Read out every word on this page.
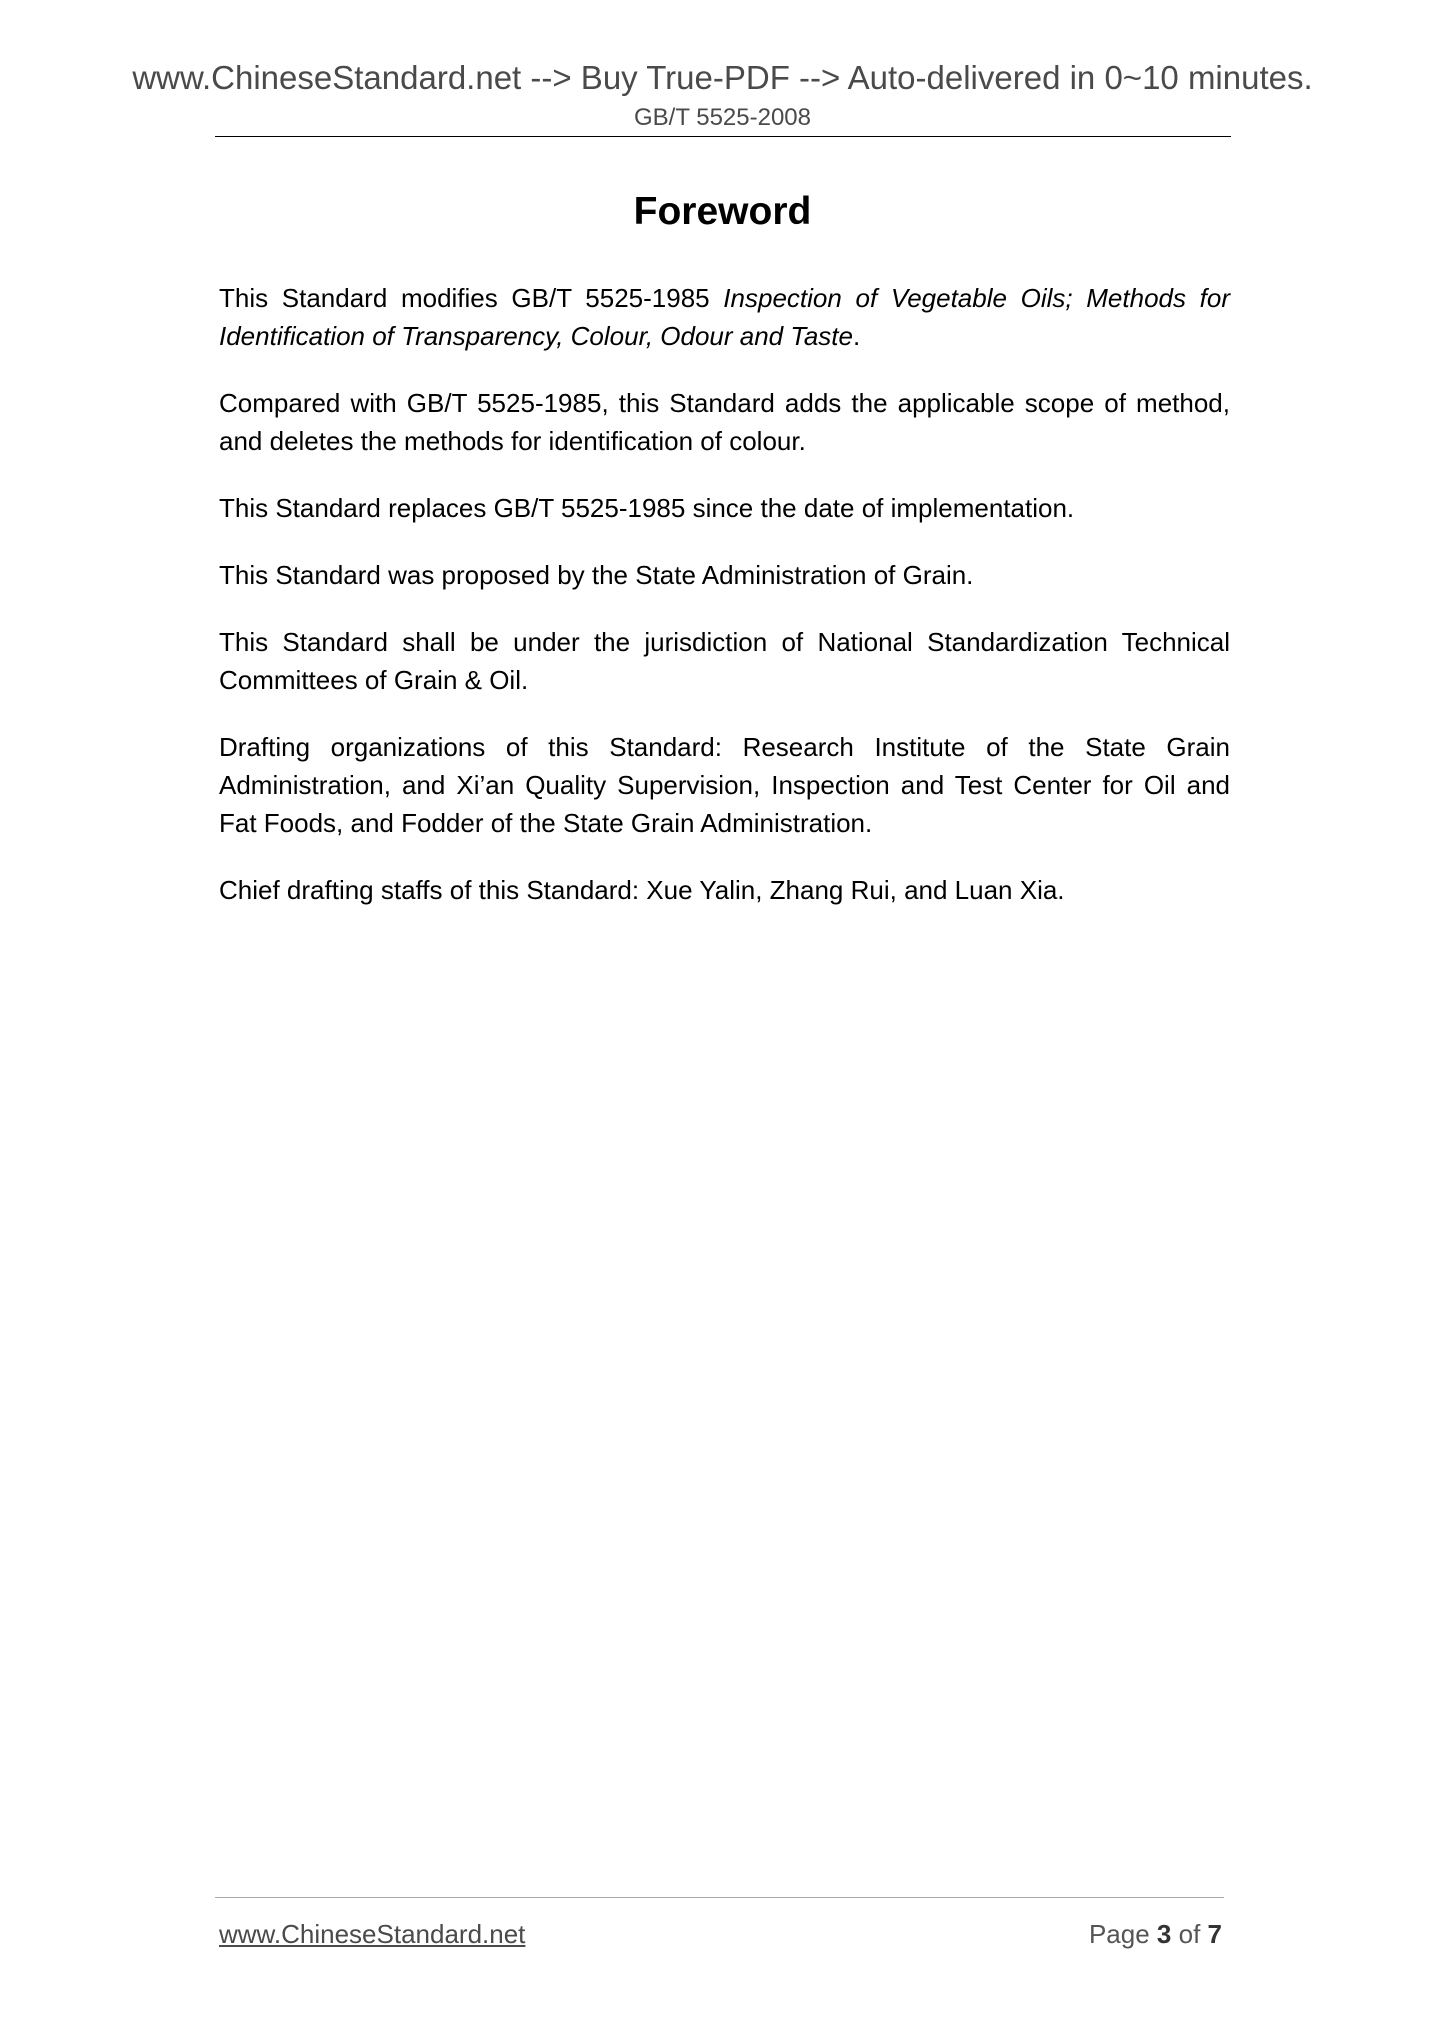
www.ChineseStandard.net --> Buy True-PDF --> Auto-delivered in 0~10 minutes.
GB/T 5525-2008
Foreword

This Standard modifies GB/T 5525-1985 Inspection of Vegetable Oils; Methods for Identification of Transparency, Colour, Odour and Taste.

Compared with GB/T 5525-1985, this Standard adds the applicable scope of method, and deletes the methods for identification of colour.

This Standard replaces GB/T 5525-1985 since the date of implementation.

This Standard was proposed by the State Administration of Grain.

This Standard shall be under the jurisdiction of National Standardization Technical Committees of Grain & Oil.

Drafting organizations of this Standard: Research Institute of the State Grain Administration, and Xi’an Quality Supervision, Inspection and Test Center for Oil and Fat Foods, and Fodder of the State Grain Administration.

Chief drafting staffs of this Standard: Xue Yalin, Zhang Rui, and Luan Xia.

www.ChineseStandard.net	Page 3 of 7
